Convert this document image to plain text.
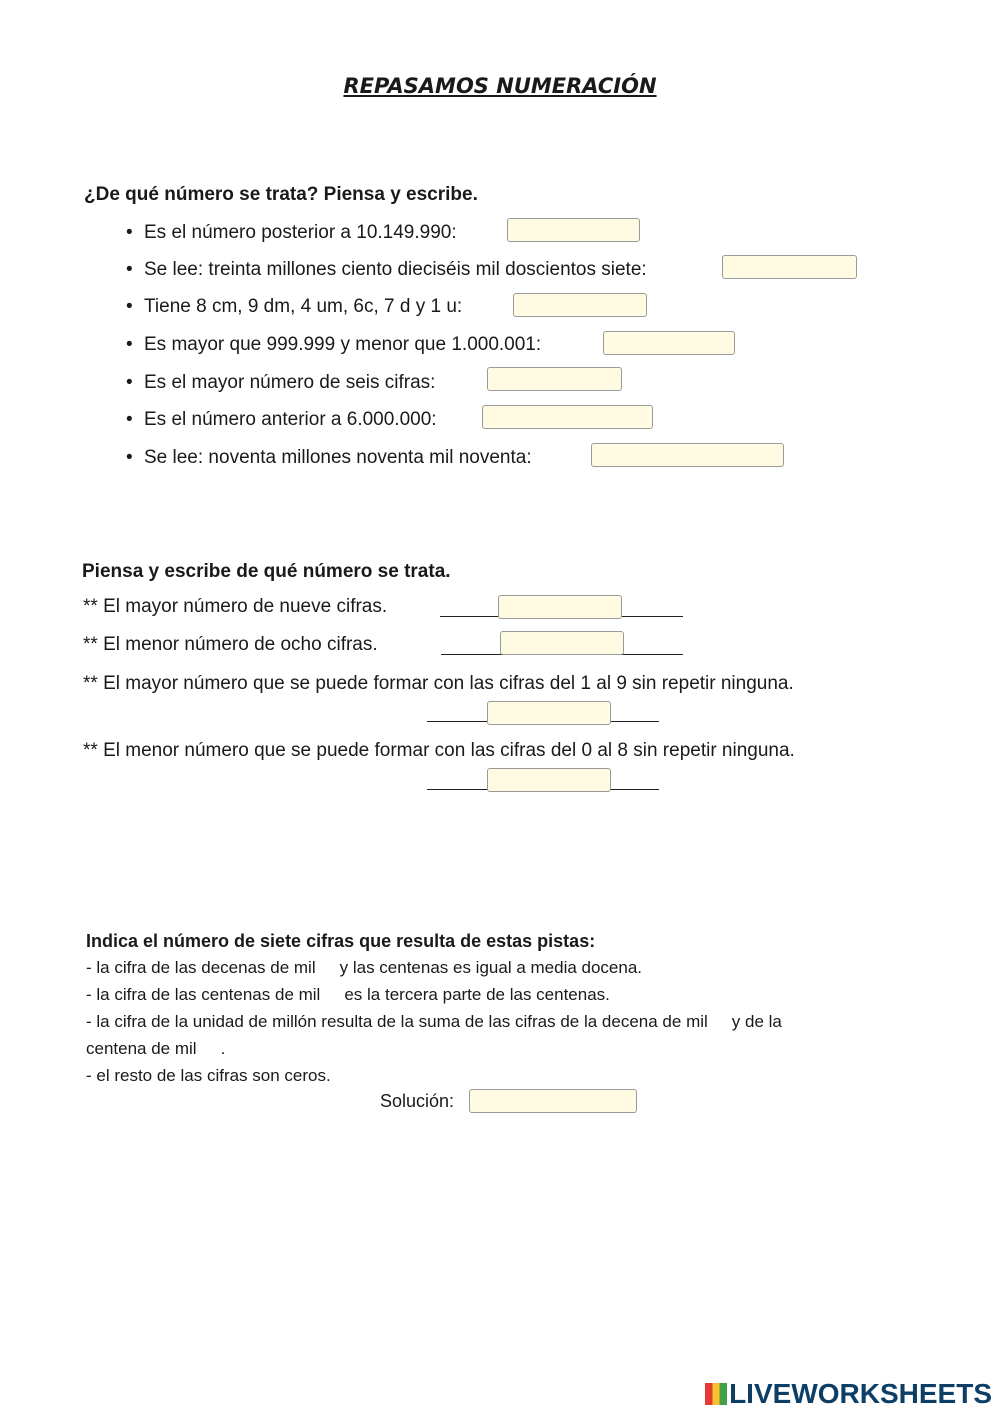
REPASAMOS NUMERACIÓN
¿De qué número se trata? Piensa y escribe.
• Es el número posterior a 10.149.990:
• Se lee: treinta millones ciento dieciséis mil doscientos siete:
• Tiene 8 cm, 9 dm, 4 um, 6c, 7 d y 1 u:
• Es mayor que 999.999 y menor que 1.000.001:
• Es el mayor número de seis cifras:
• Es el número anterior a 6.000.000:
• Se lee: noventa millones noventa mil noventa:
Piensa y escribe de qué número se trata.
** El mayor número de nueve cifras.
** El menor número de ocho cifras.
** El mayor número que se puede formar con las cifras del 1 al 9 sin repetir ninguna.
** El menor número que se puede formar con las cifras del 0 al 8 sin repetir ninguna.
Indica el número de siete cifras que resulta de estas pistas:
- la cifra de las decenas de mil y las centenas es igual a media docena.
- la cifra de las centenas de mil es la tercera parte de las centenas.
- la cifra de la unidad de millón resulta de la suma de las cifras de la decena de mil y de la
centena de mil .
- el resto de las cifras son ceros.
Solución:
LIVEWORKSHEETS
